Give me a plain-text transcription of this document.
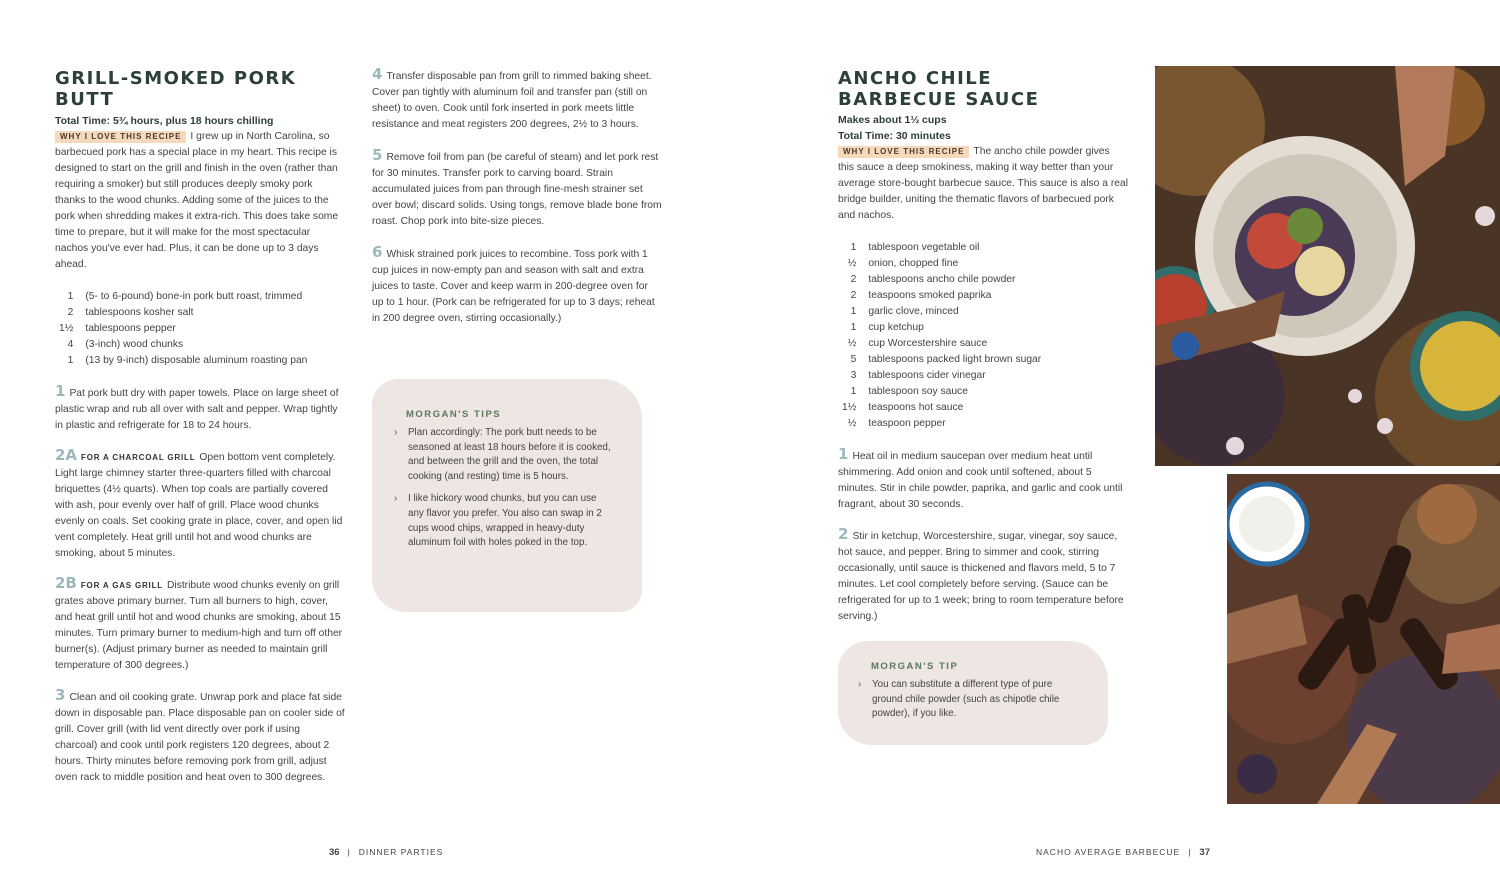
GRILL-SMOKED PORK BUTT
Total Time: 5¾ hours, plus 18 hours chilling
WHY I LOVE THIS RECIPE I grew up in North Carolina, so barbecued pork has a special place in my heart. This recipe is designed to start on the grill and finish in the oven (rather than requiring a smoker) but still produces deeply smoky pork thanks to the wood chunks. Adding some of the juices to the pork when shredding makes it extra-rich. This does take some time to prepare, but it will make for the most spectacular nachos you've ever had. Plus, it can be done up to 3 days ahead.
1	(5- to 6-pound) bone-in pork butt roast, trimmed
2	tablespoons kosher salt
1½	tablespoons pepper
4	(3-inch) wood chunks
1	(13 by 9-inch) disposable aluminum roasting pan
1 Pat pork butt dry with paper towels. Place on large sheet of plastic wrap and rub all over with salt and pepper. Wrap tightly in plastic and refrigerate for 18 to 24 hours.
2A FOR A CHARCOAL GRILL Open bottom vent completely. Light large chimney starter three-quarters filled with charcoal briquettes (4½ quarts). When top coals are partially covered with ash, pour evenly over half of grill. Place wood chunks evenly on coals. Set cooking grate in place, cover, and open lid vent completely. Heat grill until hot and wood chunks are smoking, about 5 minutes.
2B FOR A GAS GRILL Distribute wood chunks evenly on grill grates above primary burner. Turn all burners to high, cover, and heat grill until hot and wood chunks are smoking, about 15 minutes. Turn primary burner to medium-high and turn off other burner(s). (Adjust primary burner as needed to maintain grill temperature of 300 degrees.)
3 Clean and oil cooking grate. Unwrap pork and place fat side down in disposable pan. Place disposable pan on cooler side of grill. Cover grill (with lid vent directly over pork if using charcoal) and cook until pork registers 120 degrees, about 2 hours. Thirty minutes before removing pork from grill, adjust oven rack to middle position and heat oven to 300 degrees.
4 Transfer disposable pan from grill to rimmed baking sheet. Cover pan tightly with aluminum foil and transfer pan (still on sheet) to oven. Cook until fork inserted in pork meets little resistance and meat registers 200 degrees, 2½ to 3 hours.
5 Remove foil from pan (be careful of steam) and let pork rest for 30 minutes. Transfer pork to carving board. Strain accumulated juices from pan through fine-mesh strainer set over bowl; discard solids. Using tongs, remove blade bone from roast. Chop pork into bite-size pieces.
6 Whisk strained pork juices to recombine. Toss pork with 1 cup juices in now-empty pan and season with salt and extra juices to taste. Cover and keep warm in 200-degree oven for up to 1 hour. (Pork can be refrigerated for up to 3 days; reheat in 200 degree oven, stirring occasionally.)
MORGAN'S TIPS
› Plan accordingly: The pork butt needs to be seasoned at least 18 hours before it is cooked, and between the grill and the oven, the total cooking (and resting) time is 5 hours.
› I like hickory wood chunks, but you can use any flavor you prefer. You also can swap in 2 cups wood chips, wrapped in heavy-duty aluminum foil with holes poked in the top.
ANCHO CHILE
BARBECUE SAUCE
Makes about 1⅓ cups
Total Time: 30 minutes
WHY I LOVE THIS RECIPE The ancho chile powder gives this sauce a deep smokiness, making it way better than your average store-bought barbecue sauce. This sauce is also a real bridge builder, uniting the thematic flavors of barbecued pork and nachos.
1	tablespoon vegetable oil
½	onion, chopped fine
2	tablespoons ancho chile powder
2	teaspoons smoked paprika
1	garlic clove, minced
1	cup ketchup
½	cup Worcestershire sauce
5	tablespoons packed light brown sugar
3	tablespoons cider vinegar
1	tablespoon soy sauce
1½	teaspoons hot sauce
½	teaspoon pepper
1 Heat oil in medium saucepan over medium heat until shimmering. Add onion and cook until softened, about 5 minutes. Stir in chile powder, paprika, and garlic and cook until fragrant, about 30 seconds.
2 Stir in ketchup, Worcestershire, sugar, vinegar, soy sauce, hot sauce, and pepper. Bring to simmer and cook, stirring occasionally, until sauce is thickened and flavors meld, 5 to 7 minutes. Let cool completely before serving. (Sauce can be refrigerated for up to 1 week; bring to room temperature before serving.)
MORGAN'S TIP
› You can substitute a different type of pure ground chile powder (such as chipotle chile powder), if you like.
36 | DINNER PARTIES	NACHO AVERAGE BARBECUE | 37
